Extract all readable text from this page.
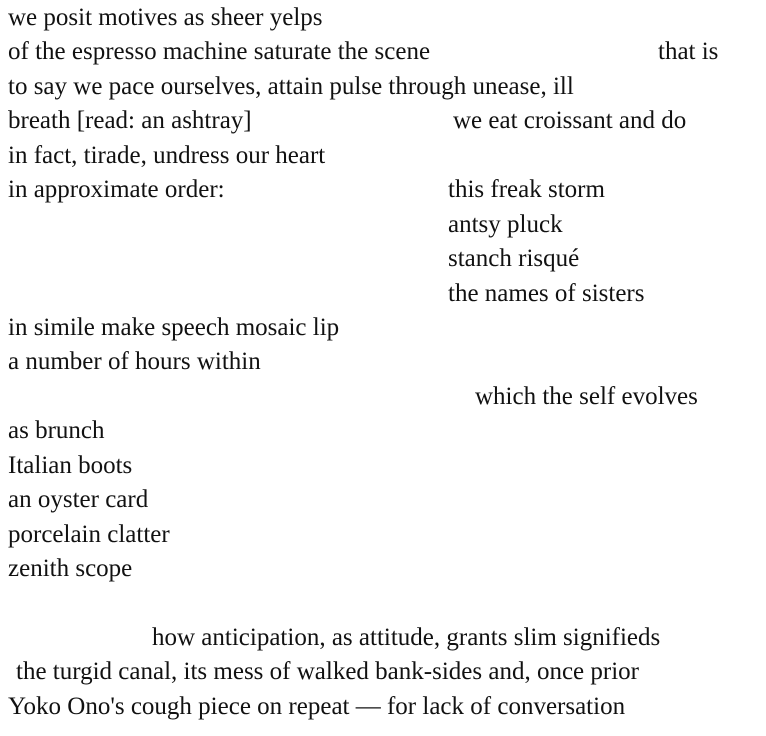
we posit motives as sheer yelps
of the espresso machine saturate the scene	that is
to say we pace ourselves, attain pulse through unease, ill
breath [read: an ashtray]	we eat croissant and do
in fact, tirade, undress our heart
in approximate order:	this freak storm
antsy pluck
stanch risqué
the names of sisters
in simile make speech mosaic lip
a number of hours within
which the self evolves
as brunch
Italian boots
an oyster card
porcelain clatter
zenith scope
how anticipation, as attitude, grants slim signifieds
the turgid canal, its mess of walked bank-sides and, once prior
Yoko Ono's cough piece on repeat — for lack of conversation
